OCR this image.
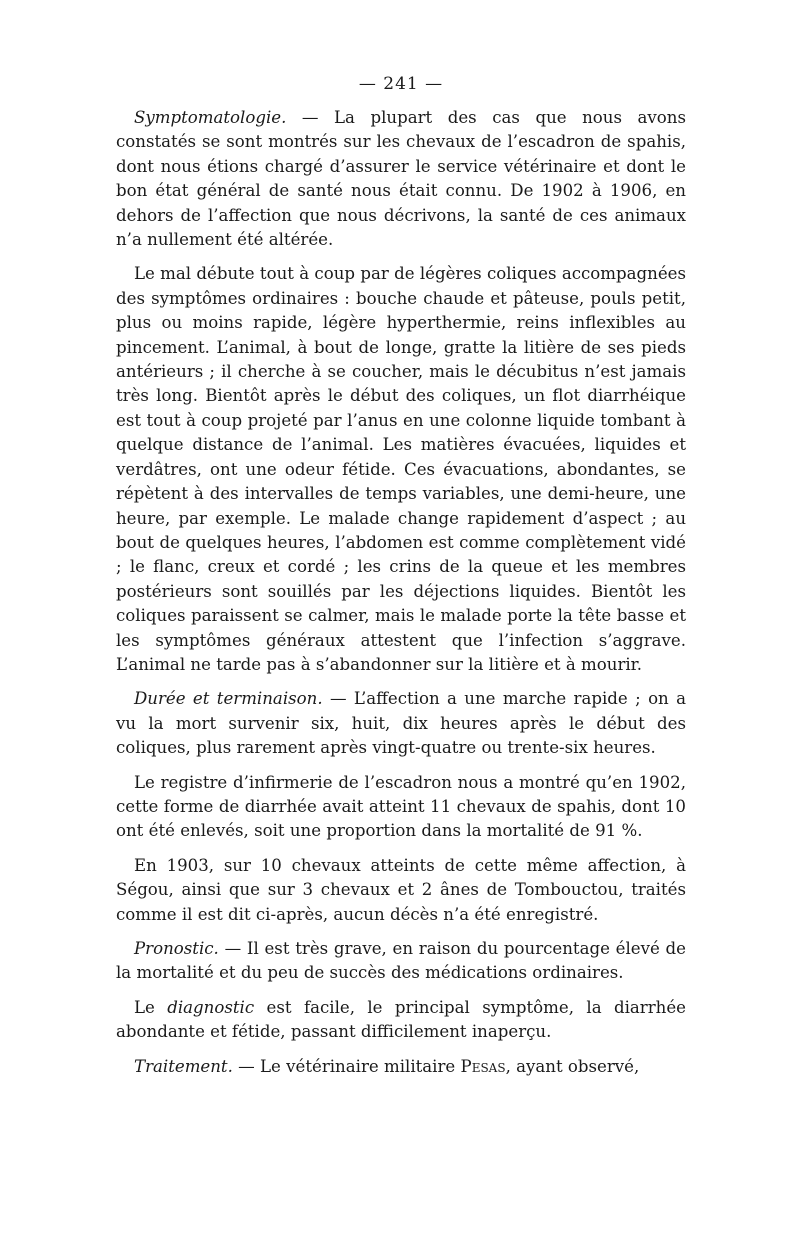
— 241 —

Symptomatologie. — La plupart des cas que nous avons constatés se sont montrés sur les chevaux de l’escadron de spahis, dont nous étions chargé d’assurer le service vétérinaire et dont le bon état général de santé nous était connu. De 1902 à 1906, en dehors de l’affection que nous décrivons, la santé de ces animaux n’a nullement été altérée.

Le mal débute tout à coup par de légères coliques accompagnées des symptômes ordinaires : bouche chaude et pâteuse, pouls petit, plus ou moins rapide, légère hyperthermie, reins inflexibles au pincement. L’animal, à bout de longe, gratte la litière de ses pieds antérieurs ; il cherche à se coucher, mais le décubitus n’est jamais très long. Bientôt après le début des coliques, un flot diarrhéique est tout à coup projeté par l’anus en une colonne liquide tombant à quelque distance de l’animal. Les matières évacuées, liquides et verdâtres, ont une odeur fétide. Ces évacuations, abondantes, se répètent à des intervalles de temps variables, une demi-heure, une heure, par exemple. Le malade change rapidement d’aspect ; au bout de quelques heures, l’abdomen est comme complètement vidé ; le flanc, creux et cordé ; les crins de la queue et les membres postérieurs sont souillés par les déjections liquides. Bientôt les coliques paraissent se calmer, mais le malade porte la tête basse et les symptômes généraux attestent que l’infection s’aggrave. L’animal ne tarde pas à s’abandonner sur la litière et à mourir.

Durée et terminaison. — L’affection a une marche rapide ; on a vu la mort survenir six, huit, dix heures après le début des coliques, plus rarement après vingt-quatre ou trente-six heures.

Le registre d’infirmerie de l’escadron nous a montré qu’en 1902, cette forme de diarrhée avait atteint 11 chevaux de spahis, dont 10 ont été enlevés, soit une proportion dans la mortalité de 91 %.

En 1903, sur 10 chevaux atteints de cette même affection, à Ségou, ainsi que sur 3 chevaux et 2 ânes de Tombouctou, traités comme il est dit ci-après, aucun décès n’a été enregistré.

Pronostic. — Il est très grave, en raison du pourcentage élevé de la mortalité et du peu de succès des médications ordinaires.

Le diagnostic est facile, le principal symptôme, la diarrhée abondante et fétide, passant difficilement inaperçu.

Traitement. — Le vétérinaire militaire Pesas, ayant observé,
